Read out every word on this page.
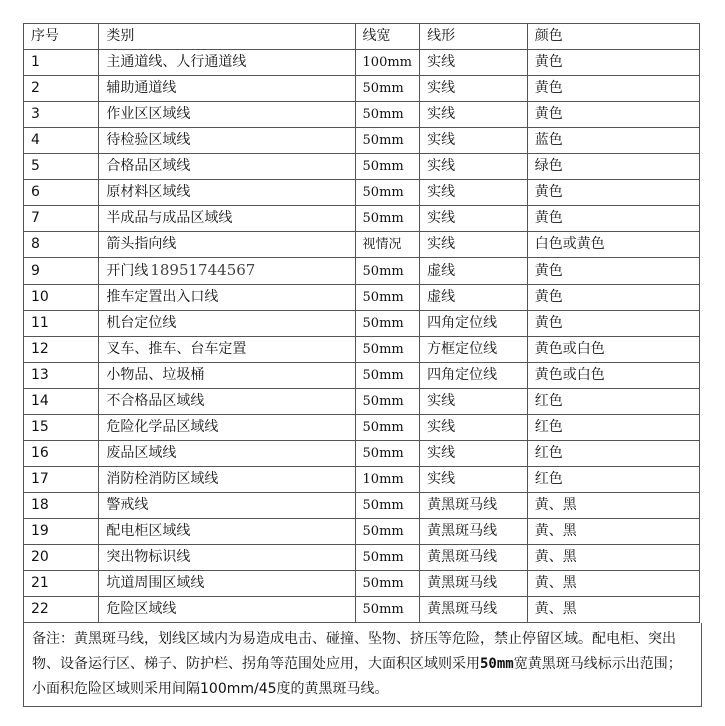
序号	类别	线宽	线形	颜色
1	主通道线、人行通道线	100mm	实线	黄色
2	辅助通道线	50mm	实线	黄色
3	作业区区域线	50mm	实线	黄色
4	待检验区域线	50mm	实线	蓝色
5	合格品区域线	50mm	实线	绿色
6	原材料区域线	50mm	实线	黄色
7	半成品与成品区域线	50mm	实线	黄色
8	箭头指向线	视情况	实线	白色或黄色
9	开门线 18951744567	50mm	虚线	黄色
10	推车定置出入口线	50mm	虚线	黄色
11	机台定位线	50mm	四角定位线	黄色
12	叉车、推车、台车定置	50mm	方框定位线	黄色或白色
13	小物品、垃圾桶	50mm	四角定位线	黄色或白色
14	不合格品区域线	50mm	实线	红色
15	危险化学品区域线	50mm	实线	红色
16	废品区域线	50mm	实线	红色
17	消防栓消防区域线	10mm	实线	红色
18	警戒线	50mm	黄黑斑马线	黄、黑
19	配电柜区域线	50mm	黄黑斑马线	黄、黑
20	突出物标识线	50mm	黄黑斑马线	黄、黑
21	坑道周围区域线	50mm	黄黑斑马线	黄、黑
22	危险区域线	50mm	黄黑斑马线	黄、黑
备注：黄黑斑马线，划线区域内为易造成电击、碰撞、坠物、挤压等危险，禁止停留区域。配电柜、突出物、设备运行区、梯子、防护栏、拐角等范围处应用，大面积区域则采用50mm宽黄黑斑马线标示出范围；小面积危险区域则采用间隔100mm/45度的黄黑斑马线。
